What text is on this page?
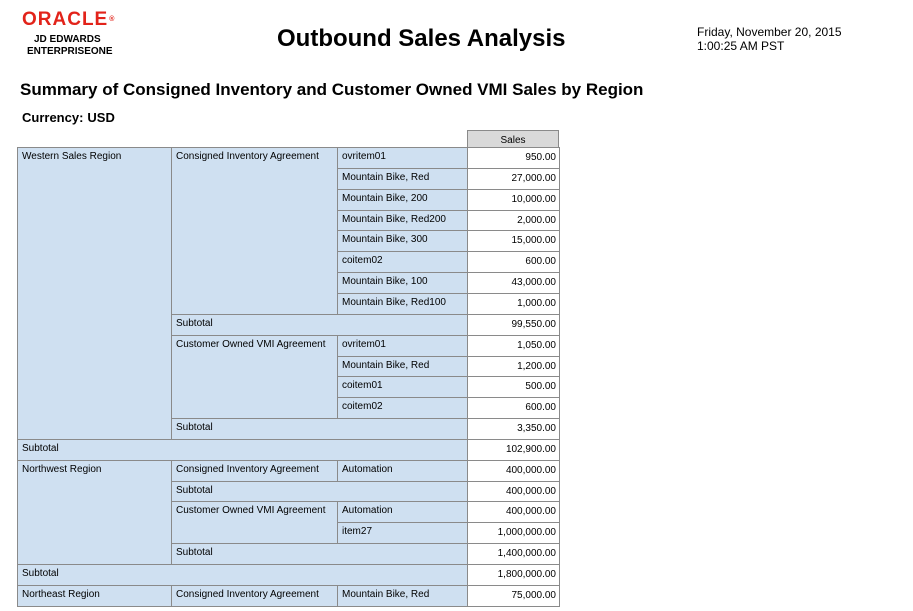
ORACLE®
JD EDWARDS
ENTERPRISEONE	Outbound Sales Analysis	Friday, November 20, 2015
1:00:25 AM PST
Summary of Consigned Inventory and Customer Owned VMI Sales by Region
Currency: USD
Sales
Western Sales Region	Consigned Inventory Agreement	ovritem01	950.00
Mountain Bike, Red	27,000.00
Mountain Bike, 200	10,000.00
Mountain Bike, Red200	2,000.00
Mountain Bike, 300	15,000.00
coitem02	600.00
Mountain Bike, 100	43,000.00
Mountain Bike, Red100	1,000.00
Subtotal	99,550.00
Customer Owned VMI Agreement	ovritem01	1,050.00
Mountain Bike, Red	1,200.00
coitem01	500.00
coitem02	600.00
Subtotal	3,350.00
Subtotal	102,900.00
Northwest Region	Consigned Inventory Agreement	Automation	400,000.00
Subtotal	400,000.00
Customer Owned VMI Agreement	Automation	400,000.00
item27	1,000,000.00
Subtotal	1,400,000.00
Subtotal	1,800,000.00
Northeast Region	Consigned Inventory Agreement	Mountain Bike, Red	75,000.00
